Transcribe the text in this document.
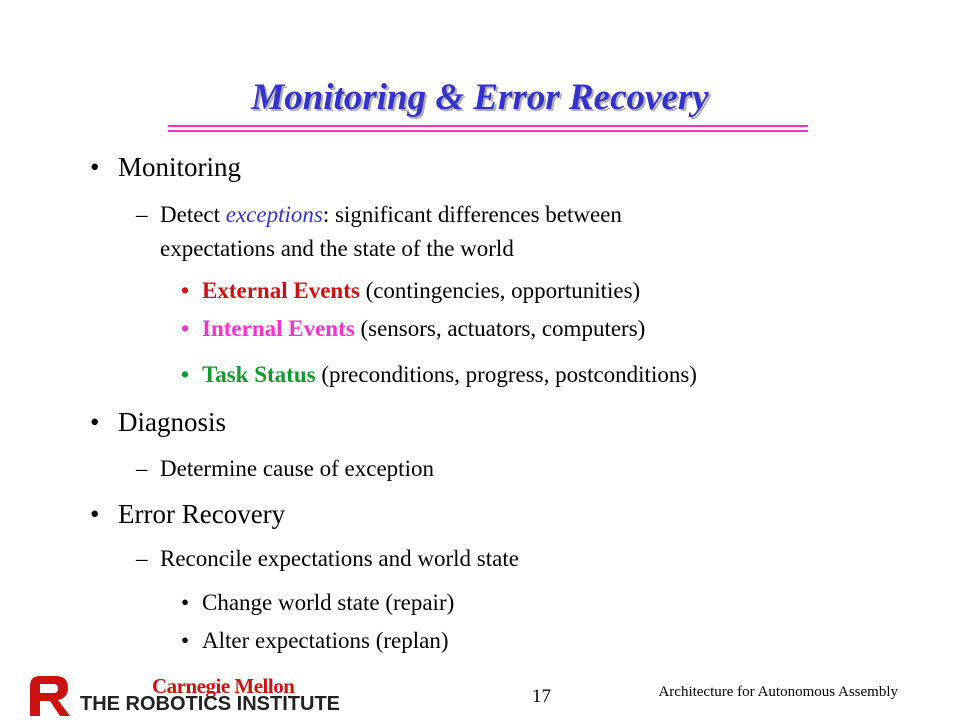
Monitoring & Error Recovery
• Monitoring
– Detect exceptions: significant differences between
expectations and the state of the world
• External Events (contingencies, opportunities)
• Internal Events (sensors, actuators, computers)
• Task Status (preconditions, progress, postconditions)
• Diagnosis
– Determine cause of exception
• Error Recovery
– Reconcile expectations and world state
• Change world state (repair)
• Alter expectations (replan)
Carnegie Mellon
THE ROBOTICS INSTITUTE	17	Architecture for Autonomous Assembly
